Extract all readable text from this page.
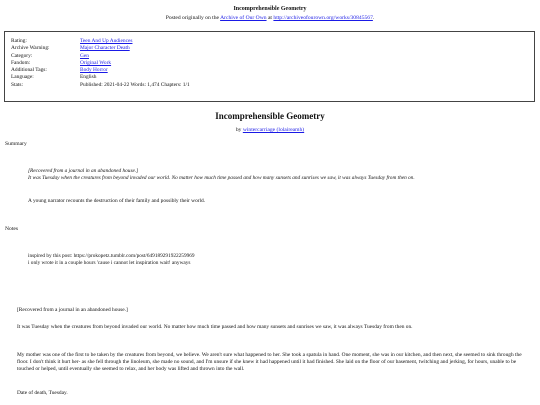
Incomprehensible Geometry
Posted originally on the Archive of Our Own at http://archiveofourown.org/works/30845567.
Rating:	Teen And Up Audiences
Archive Warning:	Major Character Death
Category:	Gen
Fandom:	Original Work
Additional Tags:	Body Horror
Language:	English
Stats:	Published: 2021-04-22 Words: 1,474 Chapters: 1/1
Incomprehensible Geometry
by wintercarriage (lolaireamh)
Summary

[Recovered from a journal in an abandoned house.]

It was Tuesday when the creatures from beyond invaded our world. No matter how much time passed and how many sunsets and sunrises we saw, it was always Tuesday from then on.

A young narrator recounts the destruction of their family and possibly their world.
Notes

inspired by this post: https://prokopetz.tumblr.com/post/649189291922259969

i only wrote it in a couple hours 'cause i cannot let inspiration wait! anyways

[Recovered from a journal in an abandoned house.]

It was Tuesday when the creatures from beyond invaded our world. No matter how much time passed and how many sunsets and sunrises we saw, it was always Tuesday from then on.

My mother was one of the first to be taken by the creatures from beyond, we believe. We aren't sure what happened to her. She took a spatula in hand. One moment, she was in our kitchen, and then next, she seemed to sink through the floor. I don't think it hurt her- as she fell through the linoleum, she made no sound, and I'm unsure if she knew it had happened until it had finished. She laid on the floor of our basement, twitching and jerking, for hours, unable to be touched or helped, until eventually she seemed to relax, and her body was lifted and thrown into the wall.

Date of death, Tuesday.
